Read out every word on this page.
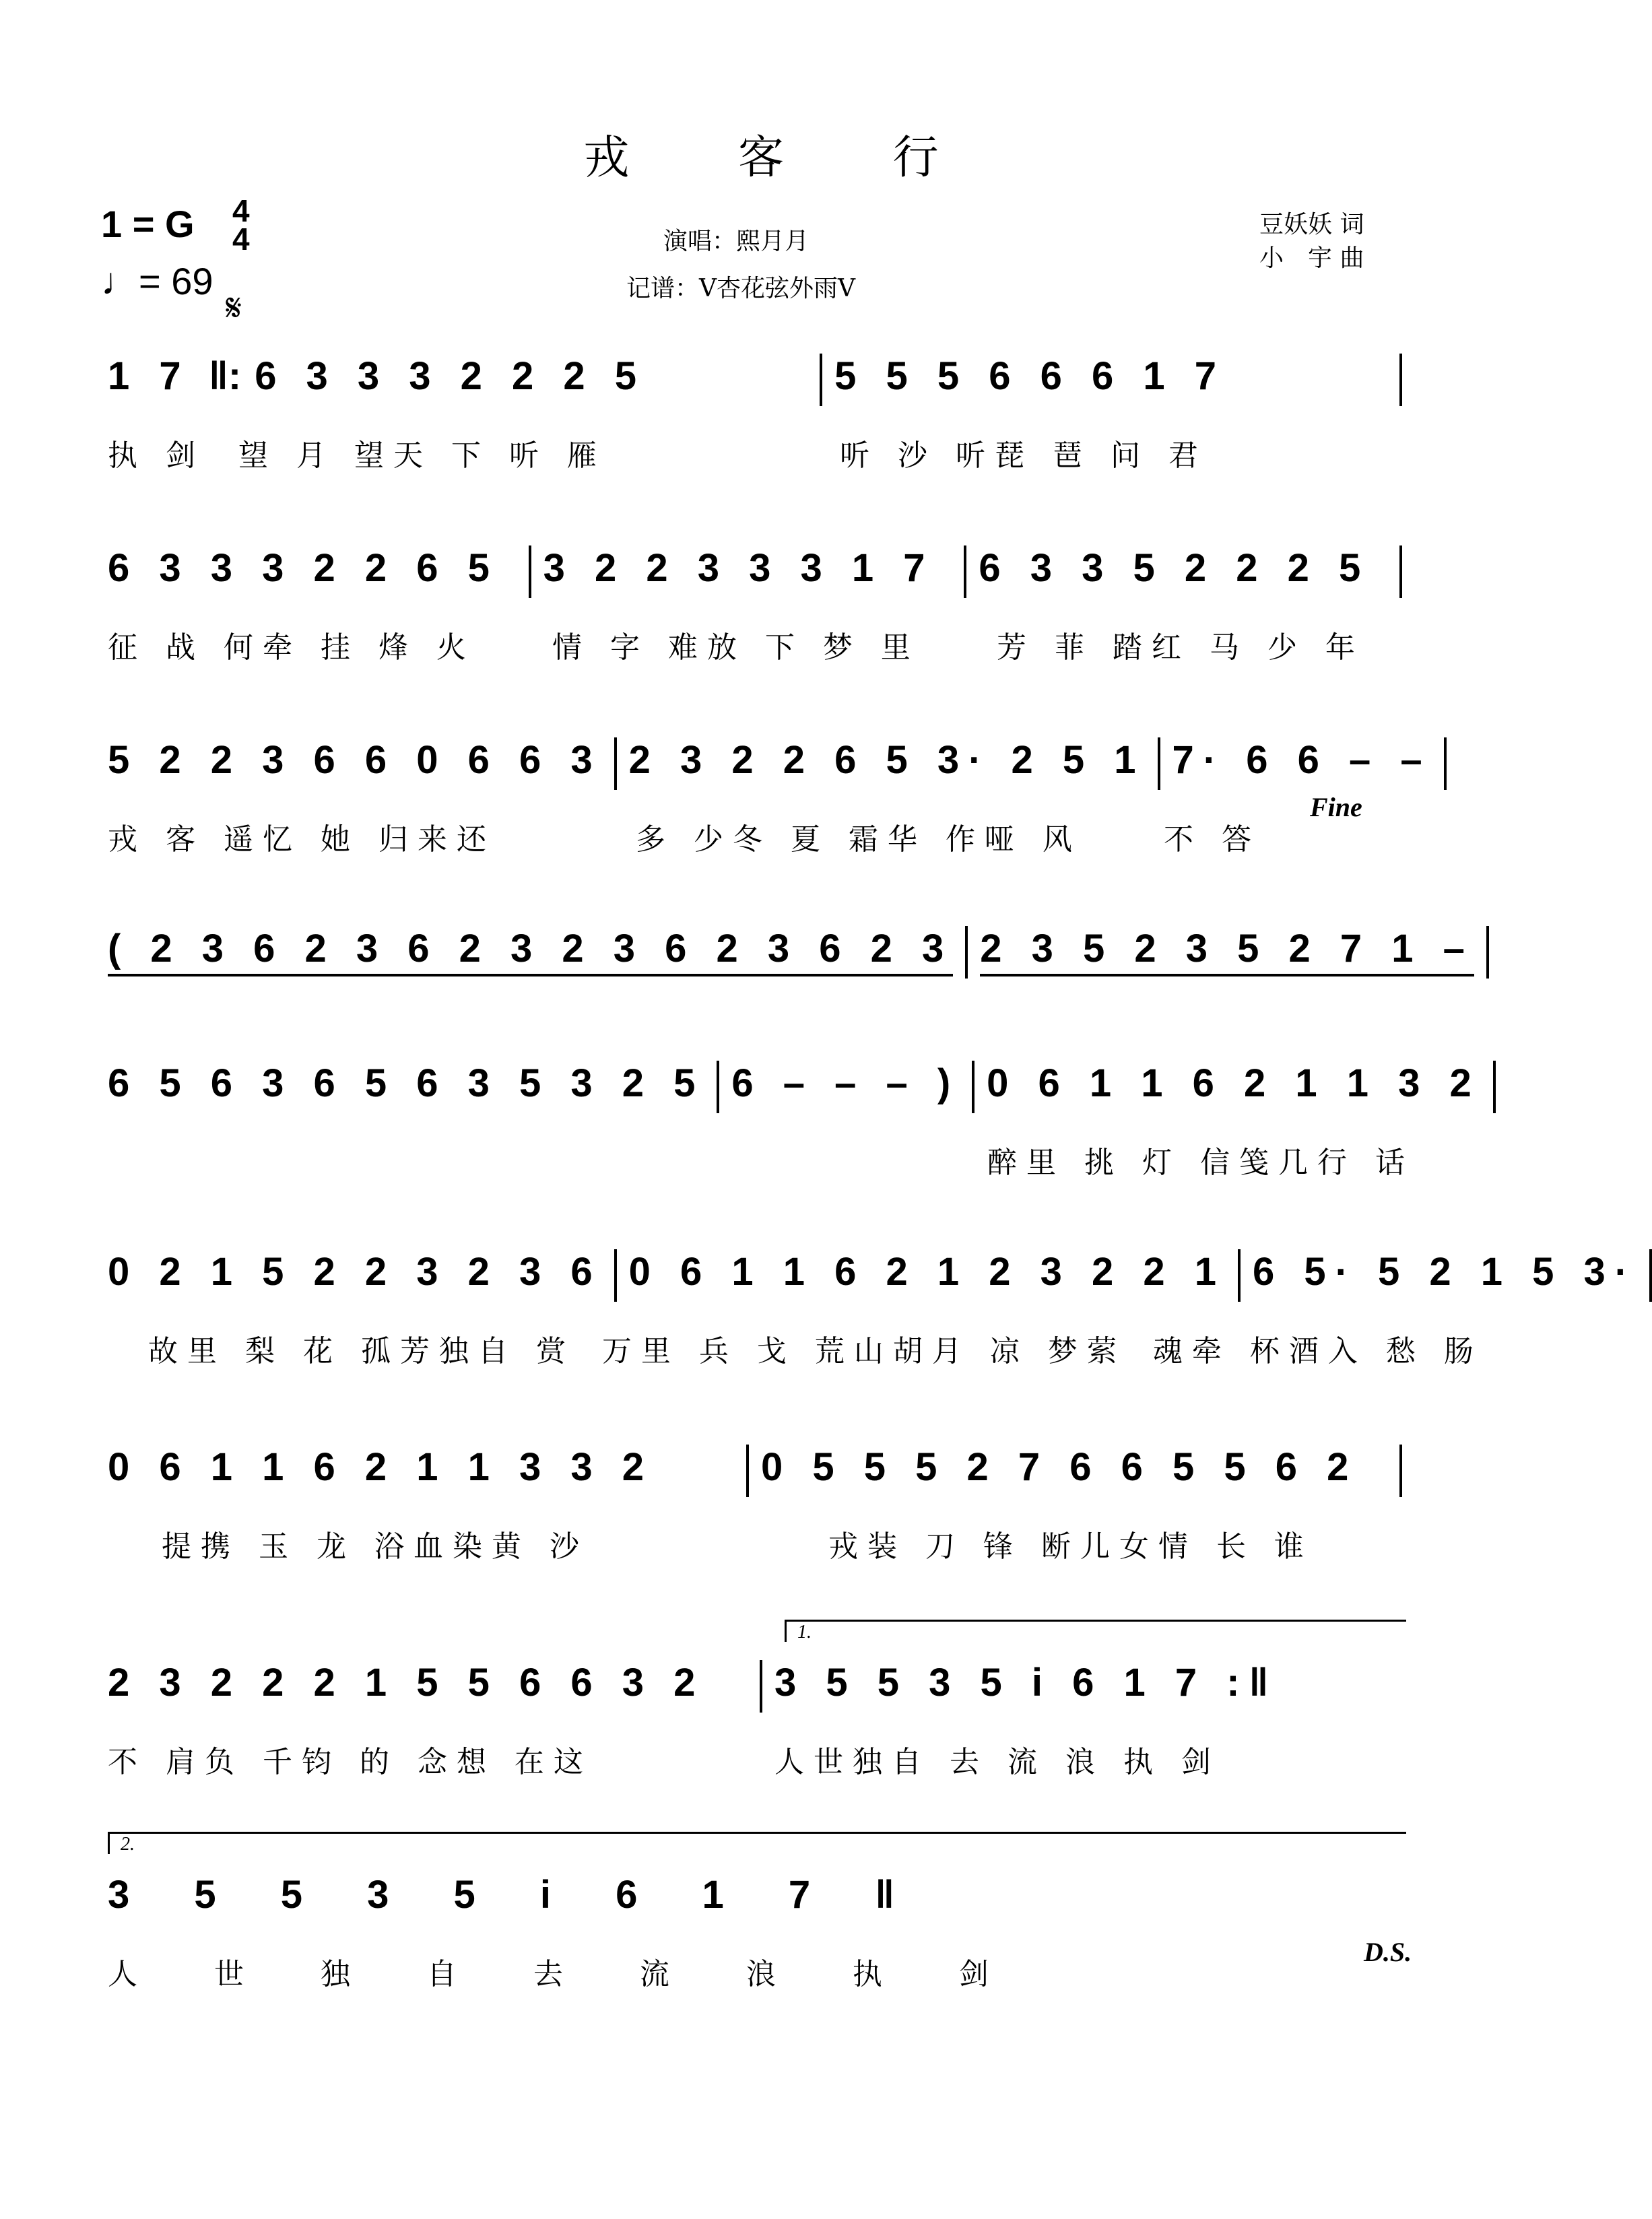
戎 客 行
1 = G 4
4
♩= 69
𝄋
演唱：熙月月
记谱：V杏花弦外雨V
豆妖妖 词
小　宇 曲
1 7 ‖: 6 3 3 3 2 2 2 5	5 5 5 6 6 6 1 7
执 剑 望 月 望天 下 听 雁	听 沙 听琵 琶 问 君
6 3 3 3 2 2 6 5	3 2 2 3 3 3 1 7	6 3 3 5 2 2 2 5
征 战 何牵 挂 烽 火	情 字 难放 下 梦 里	芳 菲 踏红 马 少 年
5 2 2 3 6 6 0 6 6 3 2 3 2 2 6 5 3· 2 5 1 7· 6 6 – –
戎 客 遥忆 她 归来还	多 少冬 夏 霜华 作哑 风	不 答
Fine
( 2 3 6 2 3 6 2 3 2 3 6 2 3 6 2 3 2 3 5 2 3 5 2 7 1 –
6 5 6 3 6 5 6 3 5 3 2 5 6 – – – ) 0 6 1 1 6 2 1 1 3 2
醉里 挑 灯 信笺几行 话
0 2 1 5 2 2 3 2 3 6 0 6 1 1 6 2 1 2 3 2 2 1 6 5· 5 2 1 5 3·
故里 梨 花 孤芳独自 赏 万里 兵 戈 荒山胡月 凉 梦萦 魂牵 杯酒入 愁 肠
0 6 1 1 6 2 1 1 3 3 2	0 5 5 5 2 7 6 6 5 5 6 2
提携 玉 龙 浴血染黄 沙	戎装 刀 锋 断儿女情 长 谁
1.
2 3 2 2 2 1 5 5 6 6 3 2	3 5 5 3 5 i 6 1 7 :‖
不 肩负 千钧 的 念想 在这	人世独自 去 流 浪 执 剑
2.
3 5 5 3 5 i 6 1 7 ‖
人 世 独 自 去 流 浪 执 剑
D.S.
